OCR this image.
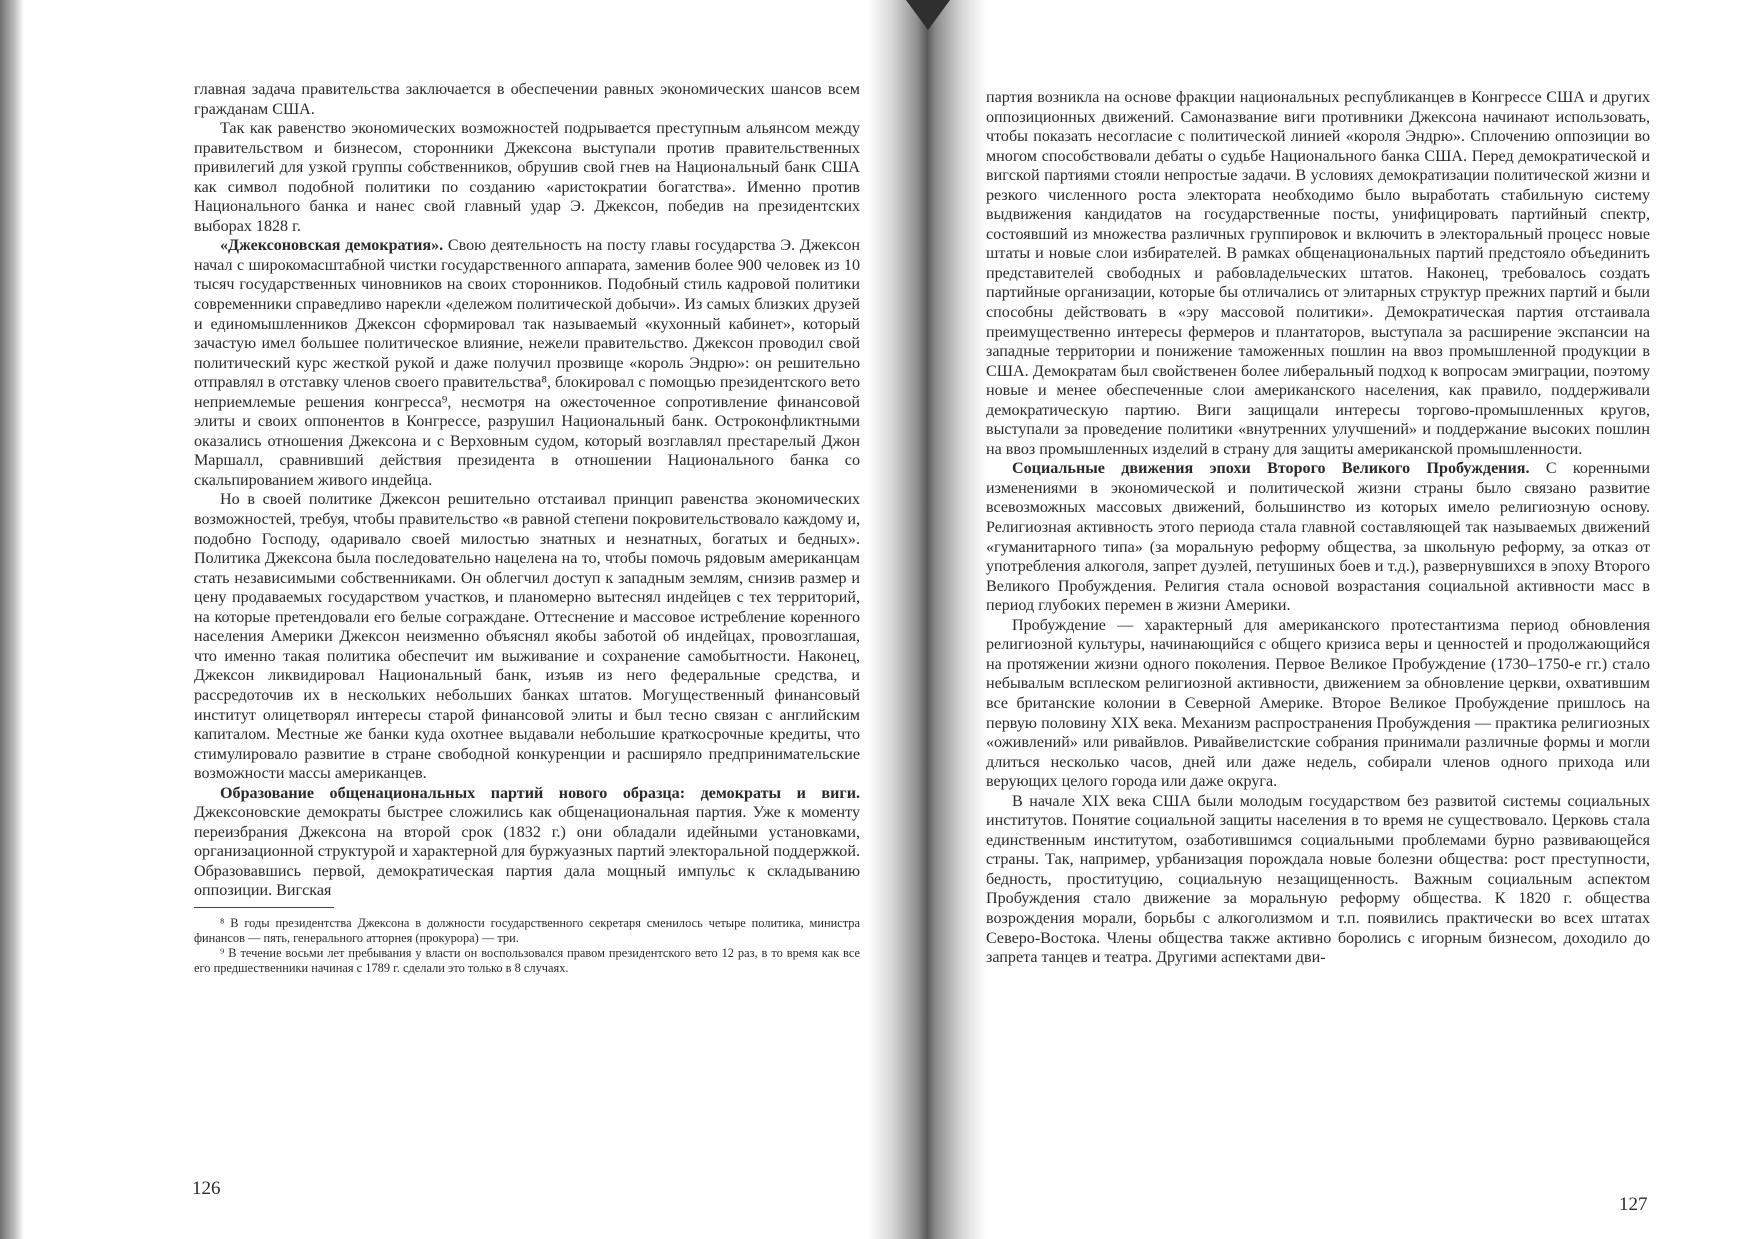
главная задача правительства заключается в обеспечении равных экономических шансов всем гражданам США.

Так как равенство экономических возможностей подрывается преступным альянсом между правительством и бизнесом, сторонники Джексона выступали против правительственных привилегий для узкой группы собственников, обрушив свой гнев на Национальный банк США как символ подобной политики по созданию «аристократии богатства». Именно против Национального банка и нанес свой главный удар Э. Джексон, победив на президентских выборах 1828 г.

«Джексоновская демократия». Свою деятельность на посту главы государства Э. Джексон начал с широкомасштабной чистки государственного аппарата, заменив более 900 человек из 10 тысяч государственных чиновников на своих сторонников. Подобный стиль кадровой политики современники справедливо нарекли «дележом политической добычи». Из самых близких друзей и единомышленников Джексон сформировал так называемый «кухонный кабинет», который зачастую имел большее политическое влияние, нежели правительство. Джексон проводил свой политический курс жесткой рукой и даже получил прозвище «король Эндрю»: он решительно отправлял в отставку членов своего правительства⁸, блокировал с помощью президентского вето неприемлемые решения конгресса⁹, несмотря на ожесточенное сопротивление финансовой элиты и своих оппонентов в Конгрессе, разрушил Национальный банк. Остроконфликтными оказались отношения Джексона и с Верховным судом, который возглавлял престарелый Джон Маршалл, сравнивший действия президента в отношении Национального банка со скальпированием живого индейца.

Но в своей политике Джексон решительно отстаивал принцип равенства экономических возможностей, требуя, чтобы правительство «в равной степени покровительствовало каждому и, подобно Господу, одаривало своей милостью знатных и незнатных, богатых и бедных». Политика Джексона была последовательно нацелена на то, чтобы помочь рядовым американцам стать независимыми собственниками. Он облегчил доступ к западным землям, снизив размер и цену продаваемых государством участков, и планомерно вытеснял индейцев с тех территорий, на которые претендовали его белые сограждане. Оттеснение и массовое истребление коренного населения Америки Джексон неизменно объяснял якобы заботой об индейцах, провозглашая, что именно такая политика обеспечит им выживание и сохранение самобытности. Наконец, Джексон ликвидировал Национальный банк, изъяв из него федеральные средства, и рассредоточив их в нескольких небольших банках штатов. Могущественный финансовый институт олицетворял интересы старой финансовой элиты и был тесно связан с английским капиталом. Местные же банки куда охотнее выдавали небольшие краткосрочные кредиты, что стимулировало развитие в стране свободной конкуренции и расширяло предпринимательские возможности массы американцев.

Образование общенациональных партий нового образца: демократы и виги. Джексоновские демократы быстрее сложились как общенациональная партия. Уже к моменту переизбрания Джексона на второй срок (1832 г.) они обладали идейными установками, организационной структурой и характерной для буржуазных партий электоральной поддержкой. Образовавшись первой, демократическая партия дала мощный импульс к складыванию оппозиции. Вигская

⁸ В годы президентства Джексона в должности государственного секретаря сменилось четыре политика, министра финансов — пять, генерального атторнея (прокурора) — три.

⁹ В течение восьми лет пребывания у власти он воспользовался правом президентского вето 12 раз, в то время как все его предшественники начиная с 1789 г. сделали это только в 8 случаях.

126

партия возникла на основе фракции национальных республиканцев в Конгрессе США и других оппозиционных движений. Самоназвание виги противники Джексона начинают использовать, чтобы показать несогласие с политической линией «короля Эндрю». Сплочению оппозиции во многом способствовали дебаты о судьбе Национального банка США. Перед демократической и вигской партиями стояли непростые задачи. В условиях демократизации политической жизни и резкого численного роста электората необходимо было выработать стабильную систему выдвижения кандидатов на государственные посты, унифицировать партийный спектр, состоявший из множества различных группировок и включить в электоральный процесс новые штаты и новые слои избирателей. В рамках общенациональных партий предстояло объединить представителей свободных и рабовладельческих штатов. Наконец, требовалось создать партийные организации, которые бы отличались от элитарных структур прежних партий и были способны действовать в «эру массовой политики». Демократическая партия отстаивала преимущественно интересы фермеров и плантаторов, выступала за расширение экспансии на западные территории и понижение таможенных пошлин на ввоз промышленной продукции в США. Демократам был свойственен более либеральный подход к вопросам эмиграции, поэтому новые и менее обеспеченные слои американского населения, как правило, поддерживали демократическую партию. Виги защищали интересы торгово-промышленных кругов, выступали за проведение политики «внутренних улучшений» и поддержание высоких пошлин на ввоз промышленных изделий в страну для защиты американской промышленности.

Социальные движения эпохи Второго Великого Пробуждения. С коренными изменениями в экономической и политической жизни страны было связано развитие всевозможных массовых движений, большинство из которых имело религиозную основу. Религиозная активность этого периода стала главной составляющей так называемых движений «гуманитарного типа» (за моральную реформу общества, за школьную реформу, за отказ от употребления алкоголя, запрет дуэлей, петушиных боев и т.д.), развернувшихся в эпоху Второго Великого Пробуждения. Религия стала основой возрастания социальной активности масс в период глубоких перемен в жизни Америки.

Пробуждение — характерный для американского протестантизма период обновления религиозной культуры, начинающийся с общего кризиса веры и ценностей и продолжающийся на протяжении жизни одного поколения. Первое Великое Пробуждение (1730–1750-е гг.) стало небывалым всплеском религиозной активности, движением за обновление церкви, охватившим все британские колонии в Северной Америке. Второе Великое Пробуждение пришлось на первую половину XIX века. Механизм распространения Пробуждения — практика религиозных «оживлений» или ривайвлов. Ривайвелистские собрания принимали различные формы и могли длиться несколько часов, дней или даже недель, собирали членов одного прихода или верующих целого города или даже округа.

В начале XIX века США были молодым государством без развитой системы социальных институтов. Понятие социальной защиты населения в то время не существовало. Церковь стала единственным институтом, озаботившимся социальными проблемами бурно развивающейся страны. Так, например, урбанизация порождала новые болезни общества: рост преступности, бедность, проституцию, социальную незащищенность. Важным социальным аспектом Пробуждения стало движение за моральную реформу общества. К 1820 г. общества возрождения морали, борьбы с алкоголизмом и т.п. появились практически во всех штатах Северо-Востока. Члены общества также активно боролись с игорным бизнесом, доходило до запрета танцев и театра. Другими аспектами дви-

127
